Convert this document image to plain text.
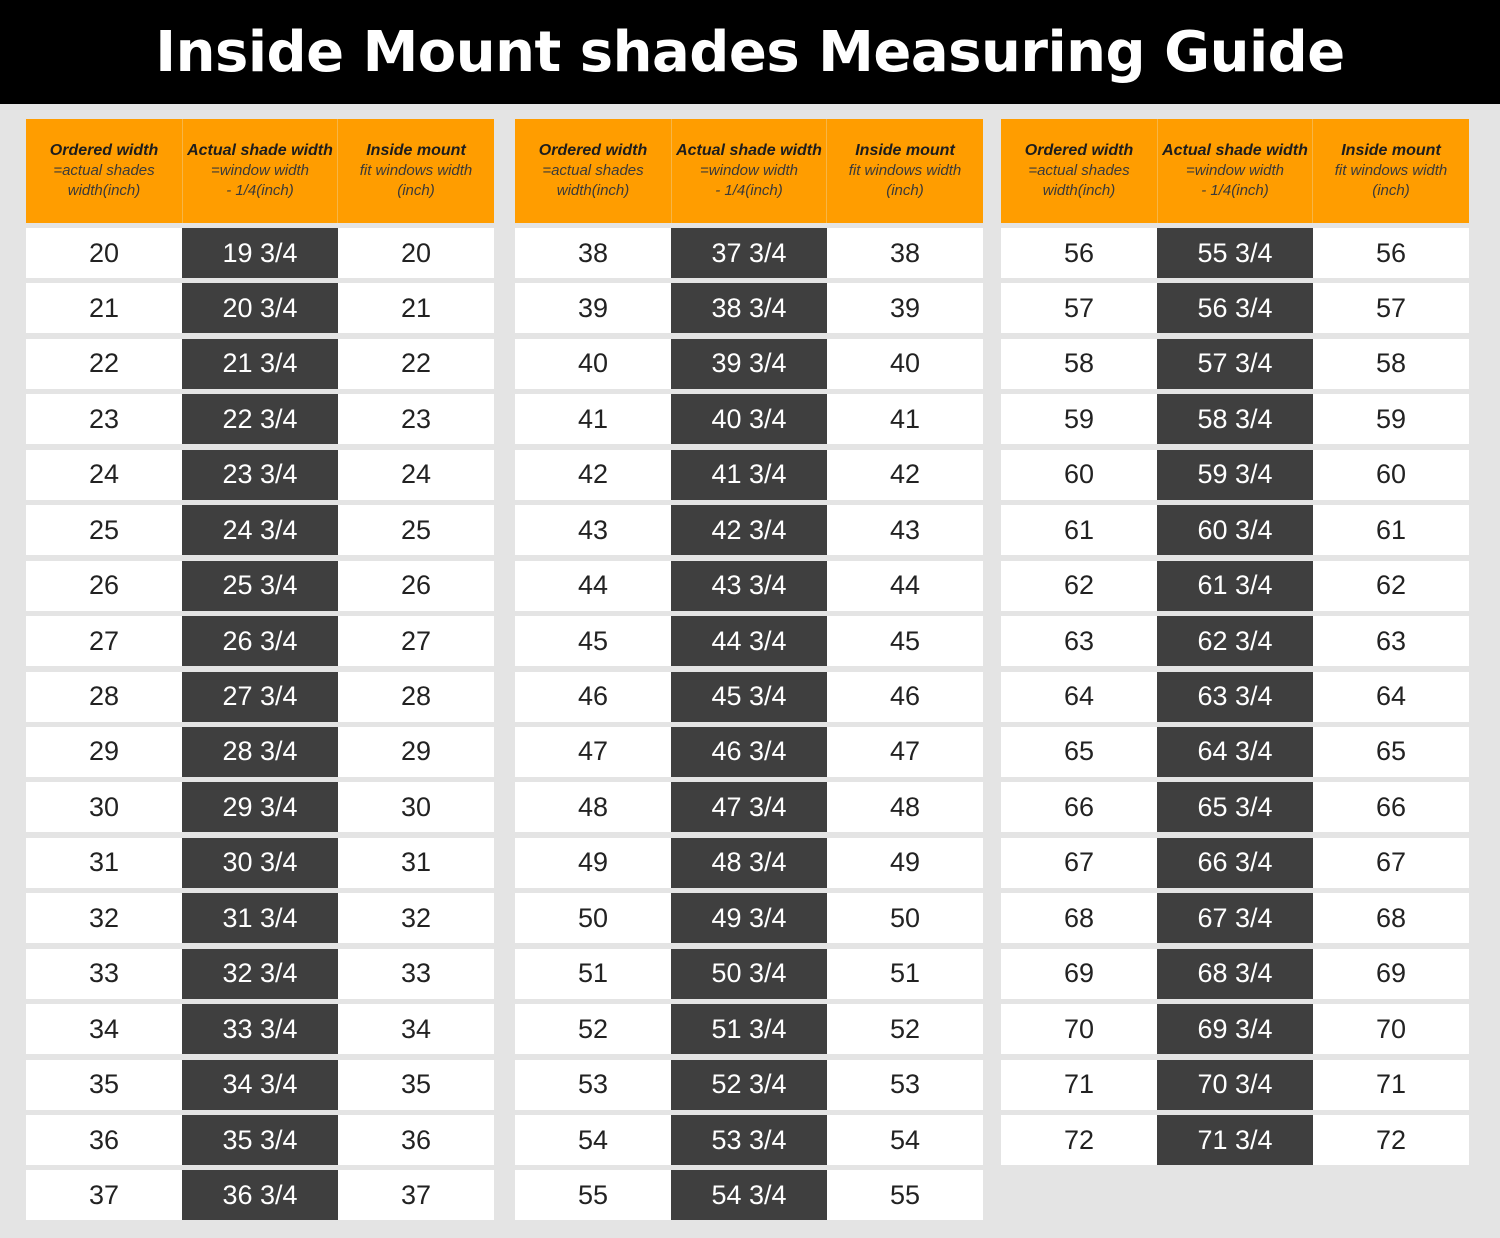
Inside Mount shades Measuring Guide
Ordered width
=actual shades
width(inch)
Actual shade width
=window width
- 1/4(inch)
Inside mount
fit windows width
(inch)
20	19 3/4	20
21	20 3/4	21
22	21 3/4	22
23	22 3/4	23
24	23 3/4	24
25	24 3/4	25
26	25 3/4	26
27	26 3/4	27
28	27 3/4	28
29	28 3/4	29
30	29 3/4	30
31	30 3/4	31
32	31 3/4	32
33	32 3/4	33
34	33 3/4	34
35	34 3/4	35
36	35 3/4	36
37	36 3/4	37
Ordered width
=actual shades
width(inch)
Actual shade width
=window width
- 1/4(inch)
Inside mount
fit windows width
(inch)
38	37 3/4	38
39	38 3/4	39
40	39 3/4	40
41	40 3/4	41
42	41 3/4	42
43	42 3/4	43
44	43 3/4	44
45	44 3/4	45
46	45 3/4	46
47	46 3/4	47
48	47 3/4	48
49	48 3/4	49
50	49 3/4	50
51	50 3/4	51
52	51 3/4	52
53	52 3/4	53
54	53 3/4	54
55	54 3/4	55
Ordered width
=actual shades
width(inch)
Actual shade width
=window width
- 1/4(inch)
Inside mount
fit windows width
(inch)
56	55 3/4	56
57	56 3/4	57
58	57 3/4	58
59	58 3/4	59
60	59 3/4	60
61	60 3/4	61
62	61 3/4	62
63	62 3/4	63
64	63 3/4	64
65	64 3/4	65
66	65 3/4	66
67	66 3/4	67
68	67 3/4	68
69	68 3/4	69
70	69 3/4	70
71	70 3/4	71
72	71 3/4	72
